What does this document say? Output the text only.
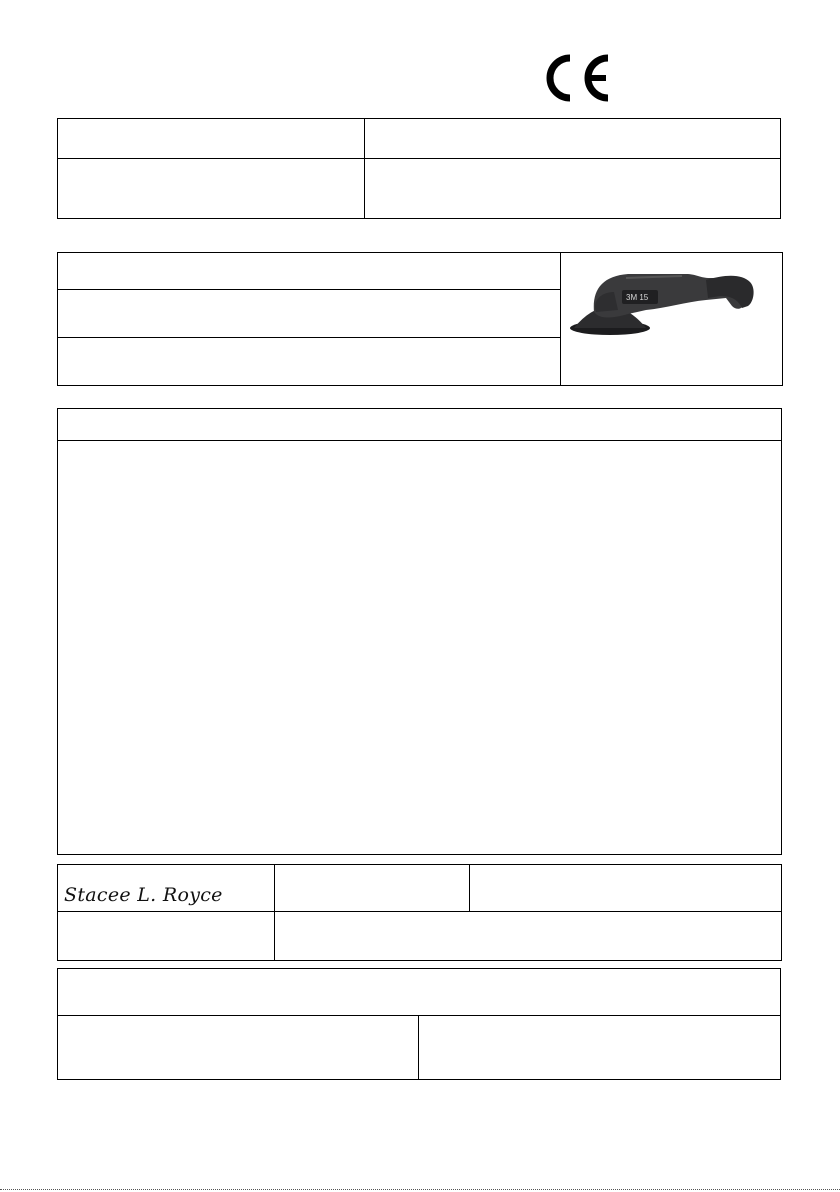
3M 15
Stacee L. Royce
